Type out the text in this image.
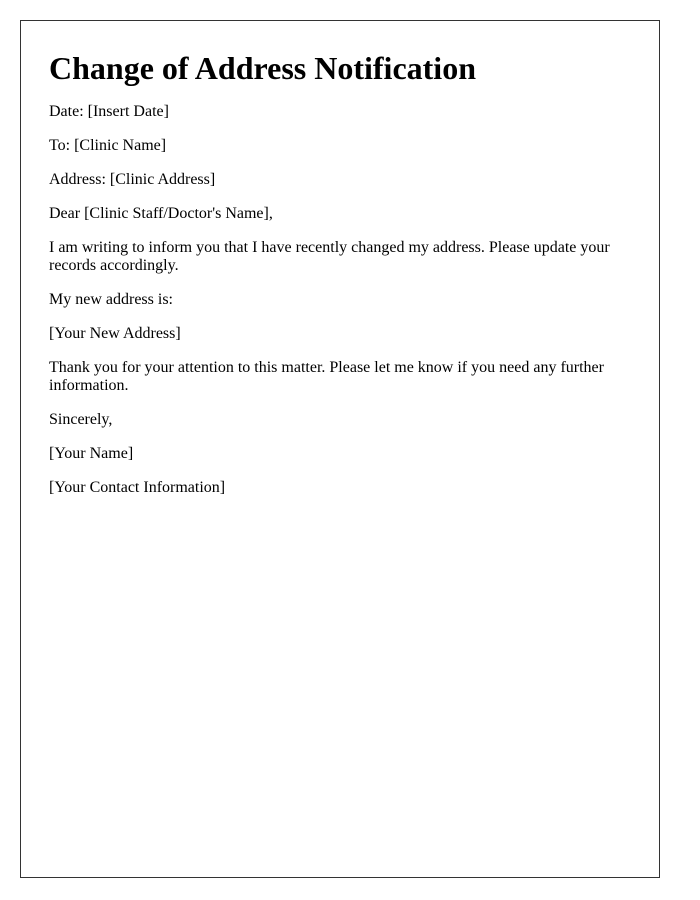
Change of Address Notification

Date: [Insert Date]

To: [Clinic Name]

Address: [Clinic Address]

Dear [Clinic Staff/Doctor's Name],

I am writing to inform you that I have recently changed my address. Please update your records accordingly.

My new address is:

[Your New Address]

Thank you for your attention to this matter. Please let me know if you need any further information.

Sincerely,

[Your Name]

[Your Contact Information]
